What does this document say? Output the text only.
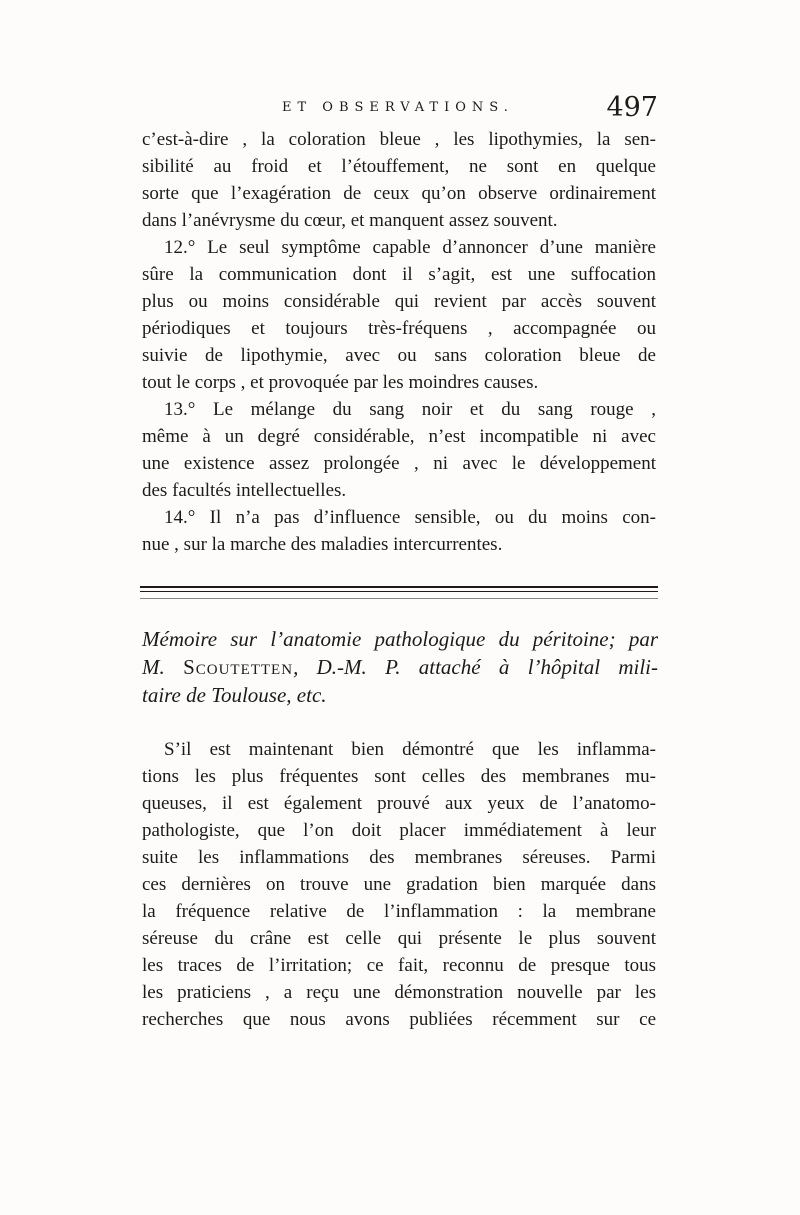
ET OBSERVATIONS.	497

c’est-à-dire , la coloration bleue , les lipothymies, la sen-
sibilité au froid et l’étouffement, ne sont en quelque
sorte que l’exagération de ceux qu’on observe ordinairement
dans l’anévrysme du cœur, et manquent assez souvent.

12.° Le seul symptôme capable d’annoncer d’une manière
sûre la communication dont il s’agit, est une suffocation
plus ou moins considérable qui revient par accès souvent
périodiques et toujours très-fréquens , accompagnée ou
suivie de lipothymie, avec ou sans coloration bleue de
tout le corps , et provoquée par les moindres causes.

13.° Le mélange du sang noir et du sang rouge ,
même à un degré considérable, n’est incompatible ni avec
une existence assez prolongée , ni avec le développement
des facultés intellectuelles.

14.° Il n’a pas d’influence sensible, ou du moins con-
nue , sur la marche des maladies intercurrentes.

Mémoire sur l’anatomie pathologique du péritoine; par
M. Scoutetten, D.-M. P. attaché à l’hôpital mili-
taire de Toulouse, etc.

S’il est maintenant bien démontré que les inflamma-
tions les plus fréquentes sont celles des membranes mu-
queuses, il est également prouvé aux yeux de l’anatomo-
pathologiste, que l’on doit placer immédiatement à leur
suite les inflammations des membranes séreuses. Parmi
ces dernières on trouve une gradation bien marquée dans
la fréquence relative de l’inflammation : la membrane
séreuse du crâne est celle qui présente le plus souvent
les traces de l’irritation; ce fait, reconnu de presque tous
les praticiens , a reçu une démonstration nouvelle par les
recherches que nous avons publiées récemment sur ce
